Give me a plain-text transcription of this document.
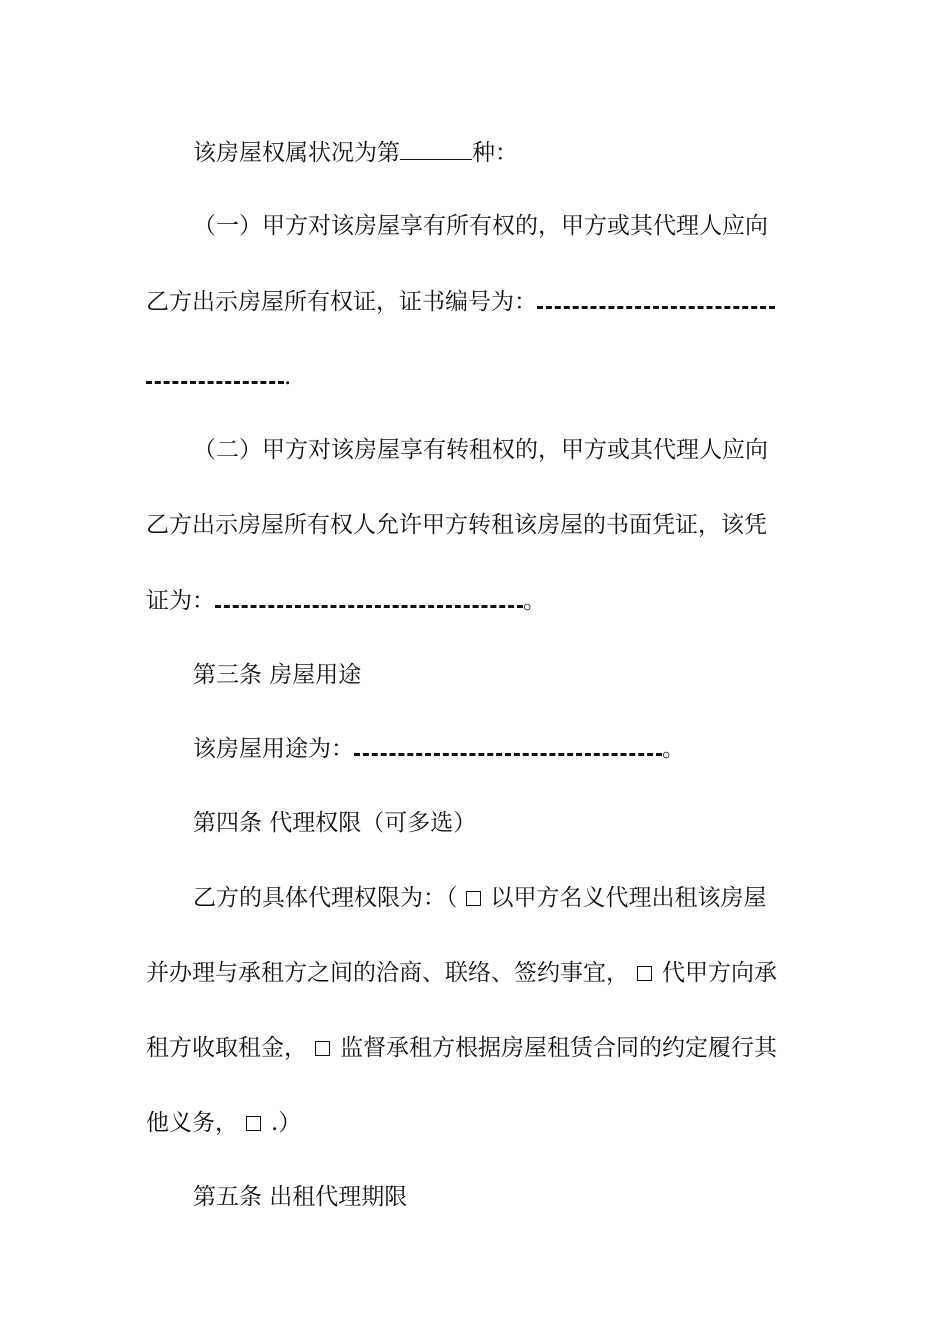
该房屋权属状况为第	种：
（一）甲方对该房屋享有所有权的，甲方或其代理人应向
乙方出示房屋所有权证，证书编号为：
.
（二）甲方对该房屋享有转租权的，甲方或其代理人应向
乙方出示房屋所有权人允许甲方转租该房屋的书面凭证，该凭
证为：	。
第三条 房屋用途
该房屋用途为：	。
第四条 代理权限（可多选）
乙方的具体代理权限为：（ 以甲方名义代理出租该房屋
并办理与承租方之间的洽商、联络、签约事宜， 代甲方向承
租方收取租金， 监督承租方根据房屋租赁合同的约定履行其
他义务， .）
第五条 出租代理期限
